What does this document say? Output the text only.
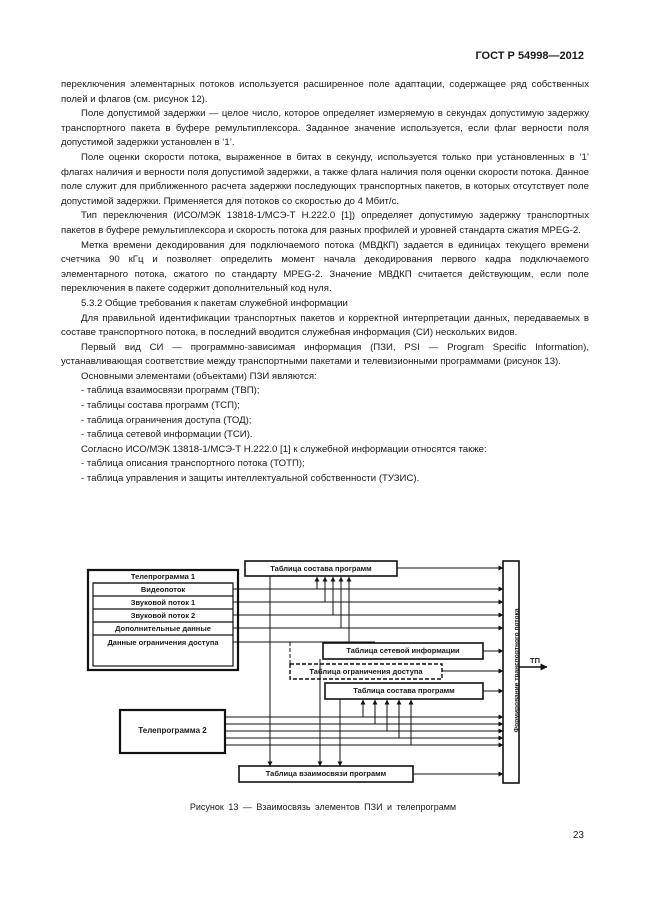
ГОСТ Р 54998—2012

переключения элементарных потоков используется расширенное поле адаптации, содержащее ряд собственных полей и флагов (см. рисунок 12).

Поле допустимой задержки — целое число, которое определяет измеряемую в секундах допустимую задержку транспортного пакета в буфере ремультиплексора. Заданное значение используется, если флаг верности поля допустимой задержки установлен в ‘1’.

Поле оценки скорости потока, выраженное в битах в секунду, используется только при установленных в ‘1’ флагах наличия и верности поля допустимой задержки, а также флага наличия поля оценки скорости потока. Данное поле служит для приближенного расчета задержки последующих транспортных пакетов, в которых отсутствует поле допустимой задержки. Применяется для потоков со скоростью до 4 Мбит/с.

Тип переключения (ИСО/МЭК 13818-1/МСЭ-Т H.222.0 [1]) определяет допустимую задержку транспортных пакетов в буфере ремультиплексора и скорость потока для разных профилей и уровней стандарта сжатия MPEG-2.

Метка времени декодирования для подключаемого потока (МВДКП) задается в единицах текущего времени счетчика 90 кГц и позволяет определить момент начала декодирования первого кадра подключаемого элементарного потока, сжатого по стандарту MPEG-2. Значение МВДКП считается действующим, если поле переключения в пакете содержит дополнительный код нуля.

5.3.2 Общие требования к пакетам служебной информации

Для правильной идентификации транспортных пакетов и корректной интерпретации данных, передаваемых в составе транспортного потока, в последний вводится служебная информация (СИ) нескольких видов.

Первый вид СИ — программно-зависимая информация (ПЗИ, PSI — Program Specific Information), устанавливающая соответствие между транспортными пакетами и телевизионными программами (рисунок 13).

Основными элементами (объектами) ПЗИ являются:

- таблица взаимосвязи программ (ТВП);

- таблицы состава программ (ТСП);

- таблица ограничения доступа (ТОД);

- таблица сетевой информации (ТСИ).

Согласно ИСО/МЭК 13818-1/МСЭ-Т H.222.0 [1] к служебной информации относятся также:

- таблица описания транспортного потока (ТОТП);

- таблица управления и защиты интеллектуальной собственности (ТУЗИС).

Телепрограмма 1
Видеопоток
Звуковой поток 1
Звуковой поток 2
Дополнительные данные
Данные ограничения доступа
Телепрограмма 2
Таблица состава программ
Таблица сетевой информации
Таблица ограничения доступа
Таблица состава программ
Таблица взаимосвязи программ
Формирование транспортного потока	ТП
Рисунок 13 — Взаимосвязь элементов ПЗИ и телепрограмм
23
